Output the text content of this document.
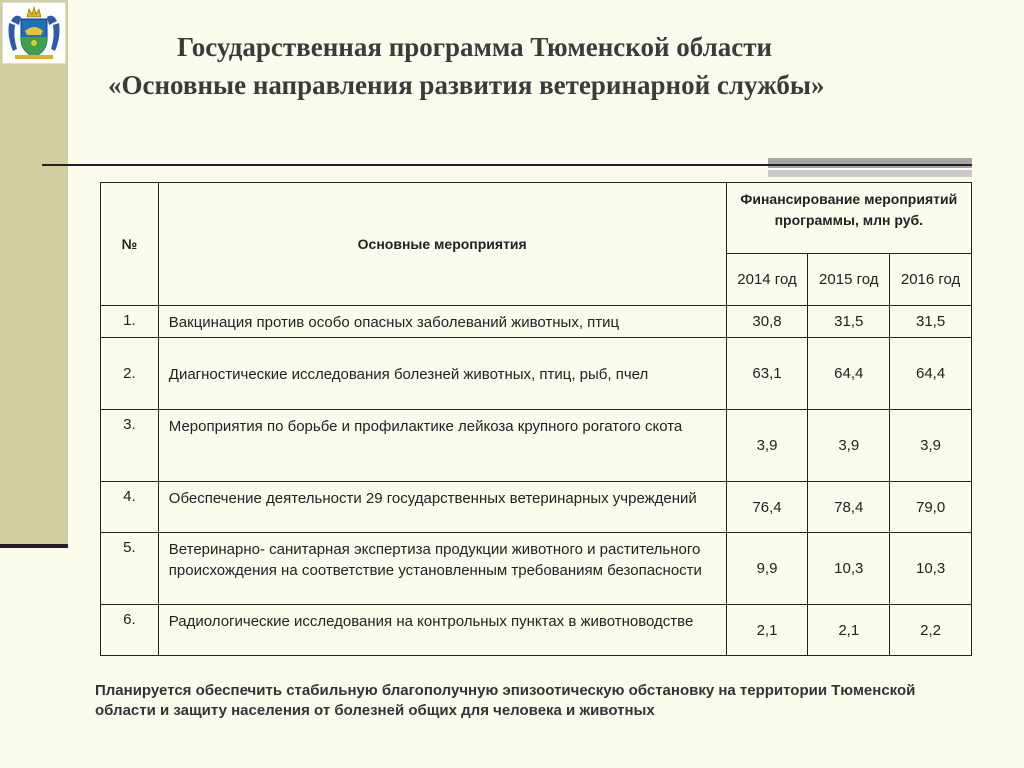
Государственная программа Тюменской области
«Основные направления развития ветеринарной службы»
№	Основные мероприятия	Финансирование мероприятий программы, млн руб.		
		2014 год	2015 год	2016 год
1.	Вакцинация против особо опасных заболеваний животных, птиц	30,8	31,5	31,5
2.	Диагностические исследования болезней животных, птиц, рыб, пчел	63,1	64,4	64,4
3.	Мероприятия по борьбе и профилактике лейкоза крупного рогатого скота	3,9	3,9	3,9
4.	Обеспечение деятельности 29 государственных ветеринарных учреждений	76,4	78,4	79,0
5.	Ветеринарно- санитарная экспертиза продукции животного и растительного происхождения на соответствие установленным требованиям безопасности	9,9	10,3	10,3
6.	Радиологические исследования на контрольных пунктах в животноводстве	2,1	2,1	2,2
Планируется обеспечить стабильную благополучную эпизоотическую обстановку на территории Тюменской области и защиту населения от болезней общих для человека и животных
